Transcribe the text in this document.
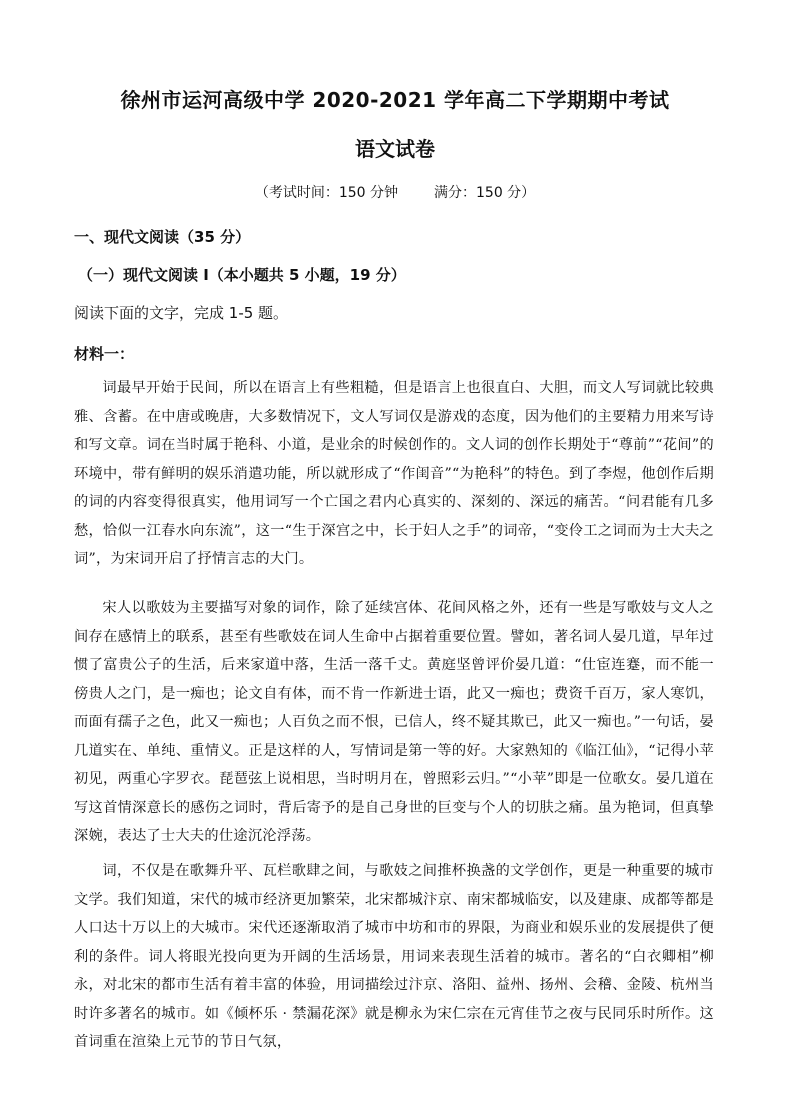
徐州市运河高级中学 2020-2021 学年高二下学期期中考试
语文试卷
（考试时间：150 分钟	满分：150 分）
一、现代文阅读（35 分）
（一）现代文阅读 I（本小题共 5 小题，19 分）
阅读下面的文字，完成 1-5 题。
材料一：

词最早开始于民间，所以在语言上有些粗糙，但是语言上也很直白、大胆，而文人写词就比较典雅、含蓄。在中唐或晚唐，大多数情况下，文人写词仅是游戏的态度，因为他们的主要精力用来写诗和写文章。词在当时属于艳科、小道，是业余的时候创作的。文人词的创作长期处于“尊前”“花间”的环境中，带有鲜明的娱乐消遣功能，所以就形成了“作闺音”“为艳科”的特色。到了李煜，他创作后期的词的内容变得很真实，他用词写一个亡国之君内心真实的、深刻的、深远的痛苦。“问君能有几多愁，恰似一江春水向东流”，这一“生于深宫之中，长于妇人之手”的词帝，“变伶工之词而为士大夫之词”，为宋词开启了抒情言志的大门。

宋人以歌妓为主要描写对象的词作，除了延续宫体、花间风格之外，还有一些是写歌妓与文人之间存在感情上的联系，甚至有些歌妓在词人生命中占据着重要位置。譬如，著名词人晏几道，早年过惯了富贵公子的生活，后来家道中落，生活一落千丈。黄庭坚曾评价晏几道：“仕宦连蹇，而不能一傍贵人之门，是一痴也；论文自有体，而不肯一作新进士语，此又一痴也；费资千百万，家人寒饥，而面有孺子之色，此又一痴也；人百负之而不恨，已信人，终不疑其欺已，此又一痴也。”一句话，晏几道实在、单纯、重情义。正是这样的人，写情词是第一等的好。大家熟知的《临江仙》，“记得小苹初见，两重心字罗衣。琵琶弦上说相思，当时明月在，曾照彩云归。”“小苹”即是一位歌女。晏几道在写这首情深意长的感伤之词时，背后寄予的是自己身世的巨变与个人的切肤之痛。虽为艳词，但真挚深婉，表达了士大夫的仕途沉沦浮荡。

词，不仅是在歌舞升平、瓦栏歌肆之间，与歌妓之间推杯换盏的文学创作，更是一种重要的城市文学。我们知道，宋代的城市经济更加繁荣，北宋都城汴京、南宋都城临安，以及建康、成都等都是人口达十万以上的大城市。宋代还逐渐取消了城市中坊和市的界限，为商业和娱乐业的发展提供了便利的条件。词人将眼光投向更为开阔的生活场景，用词来表现生活着的城市。著名的“白衣卿相”柳永，对北宋的都市生活有着丰富的体验，用词描绘过汴京、洛阳、益州、扬州、会稽、金陵、杭州当时许多著名的城市。如《倾杯乐 · 禁漏花深》就是柳永为宋仁宗在元宵佳节之夜与民同乐时所作。这首词重在渲染上元节的节日气氛，
